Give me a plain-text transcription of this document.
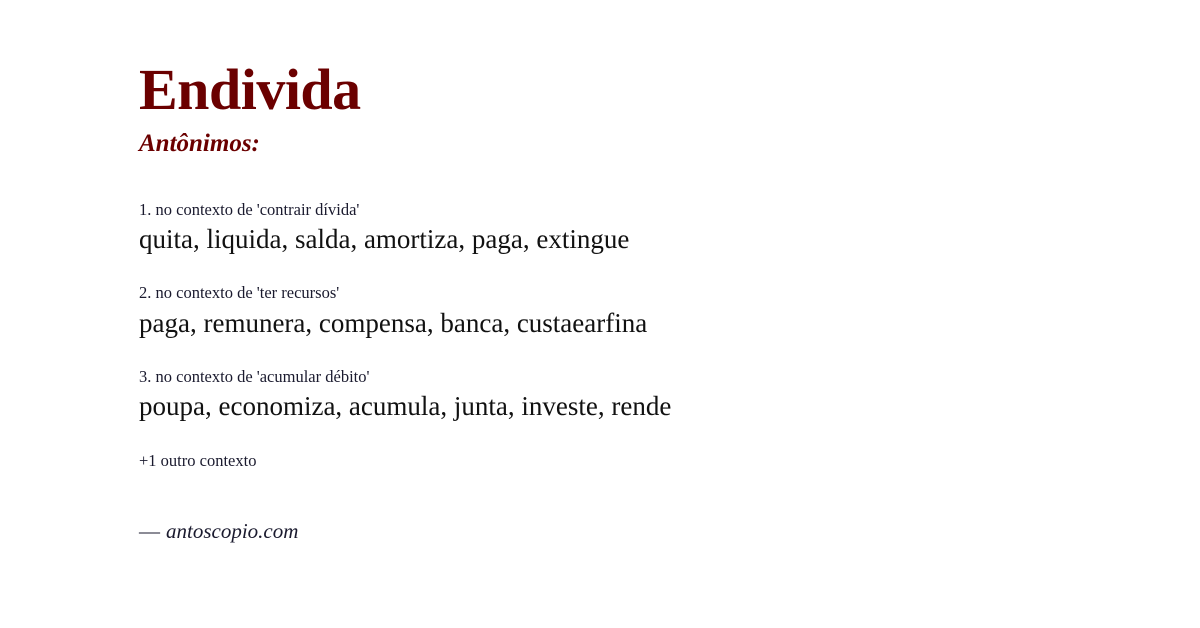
Endivida
Antônimos:
1. no contexto de 'contrair dívida'
quita, liquida, salda, amortiza, paga, extingue
2. no contexto de 'ter recursos'
paga, remunera, compensa, banca, custaearfina
3. no contexto de 'acumular débito'
poupa, economiza, acumula, junta, investe, rende
+1 outro contexto
— antoscopio.com
